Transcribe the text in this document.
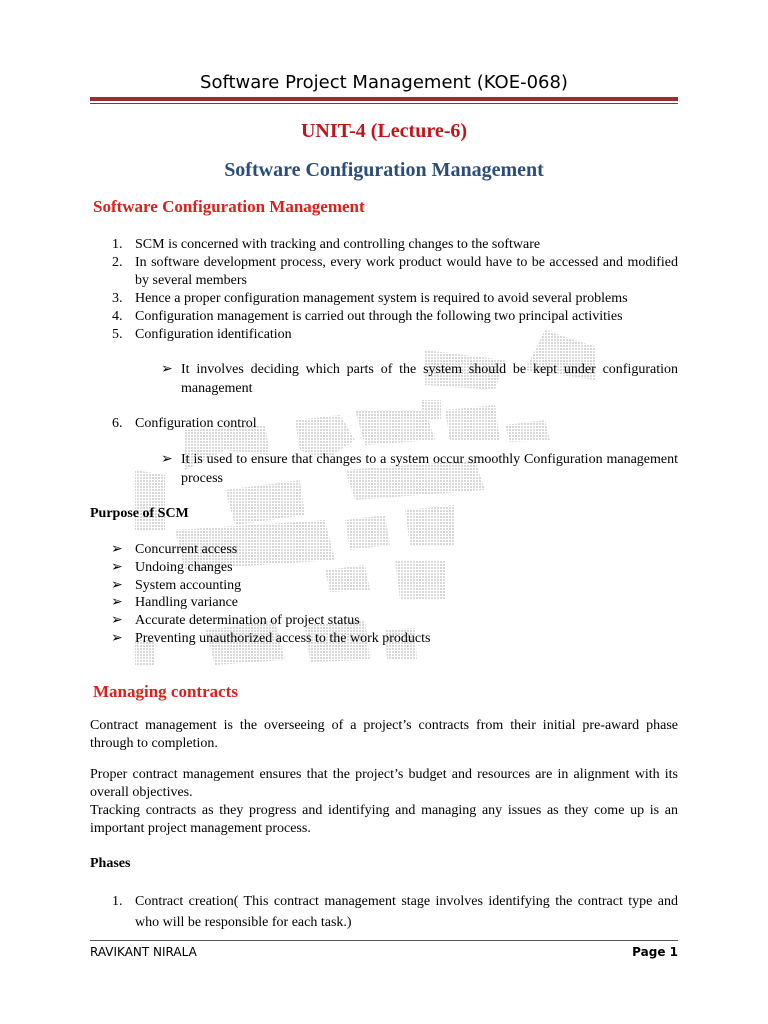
Software Project Management (KOE-068)
UNIT-4 (Lecture-6)
Software Configuration Management
Software Configuration Management
1. SCM is concerned with tracking and controlling changes to the software
2. In software development process, every work product would have to be accessed and modified by several members
3. Hence a proper configuration management system is required to avoid several problems
4. Configuration management is carried out through the following two principal activities
5. Configuration identification
➢ It involves deciding which parts of the system should be kept under configuration management
6. Configuration control
➢ It is used to ensure that changes to a system occur smoothly Configuration management process
Purpose of SCM
➢ Concurrent access
➢ Undoing changes
➢ System accounting
➢ Handling variance
➢ Accurate determination of project status
➢ Preventing unauthorized access to the work products
Managing contracts
Contract management is the overseeing of a project’s contracts from their initial pre-award phase through to completion.
Proper contract management ensures that the project’s budget and resources are in alignment with its overall objectives.
Tracking contracts as they progress and identifying and managing any issues as they come up is an important project management process.
Phases
1. Contract creation( This contract management stage involves identifying the contract type and who will be responsible for each task.)
RAVIKANT NIRALA	Page 1
